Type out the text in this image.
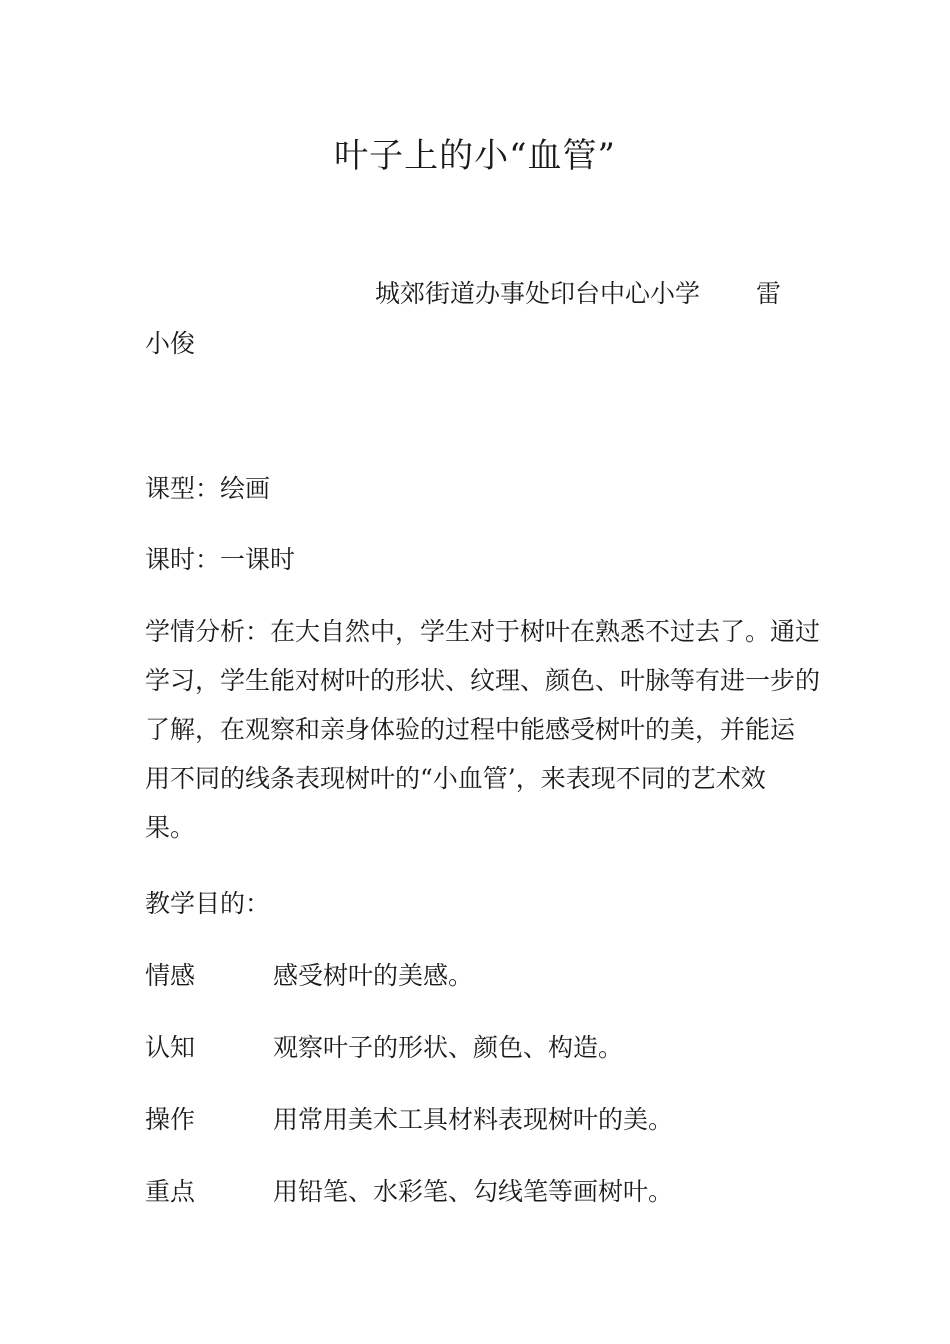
叶子上的小“血管”
城郊街道办事处印台中心小学 雷
小俊
课型：绘画
课时：一课时
学情分析：在大自然中，学生对于树叶在熟悉不过去了。通过
学习，学生能对树叶的形状、纹理、颜色、叶脉等有进一步的
了解，在观察和亲身体验的过程中能感受树叶的美，并能运
用不同的线条表现树叶的“小血管’，来表现不同的艺术效
果。
教学目的：
情感	感受树叶的美感。
认知	观察叶子的形状、颜色、构造。
操作	用常用美术工具材料表现树叶的美。
重点	用铅笔、水彩笔、勾线笔等画树叶。
